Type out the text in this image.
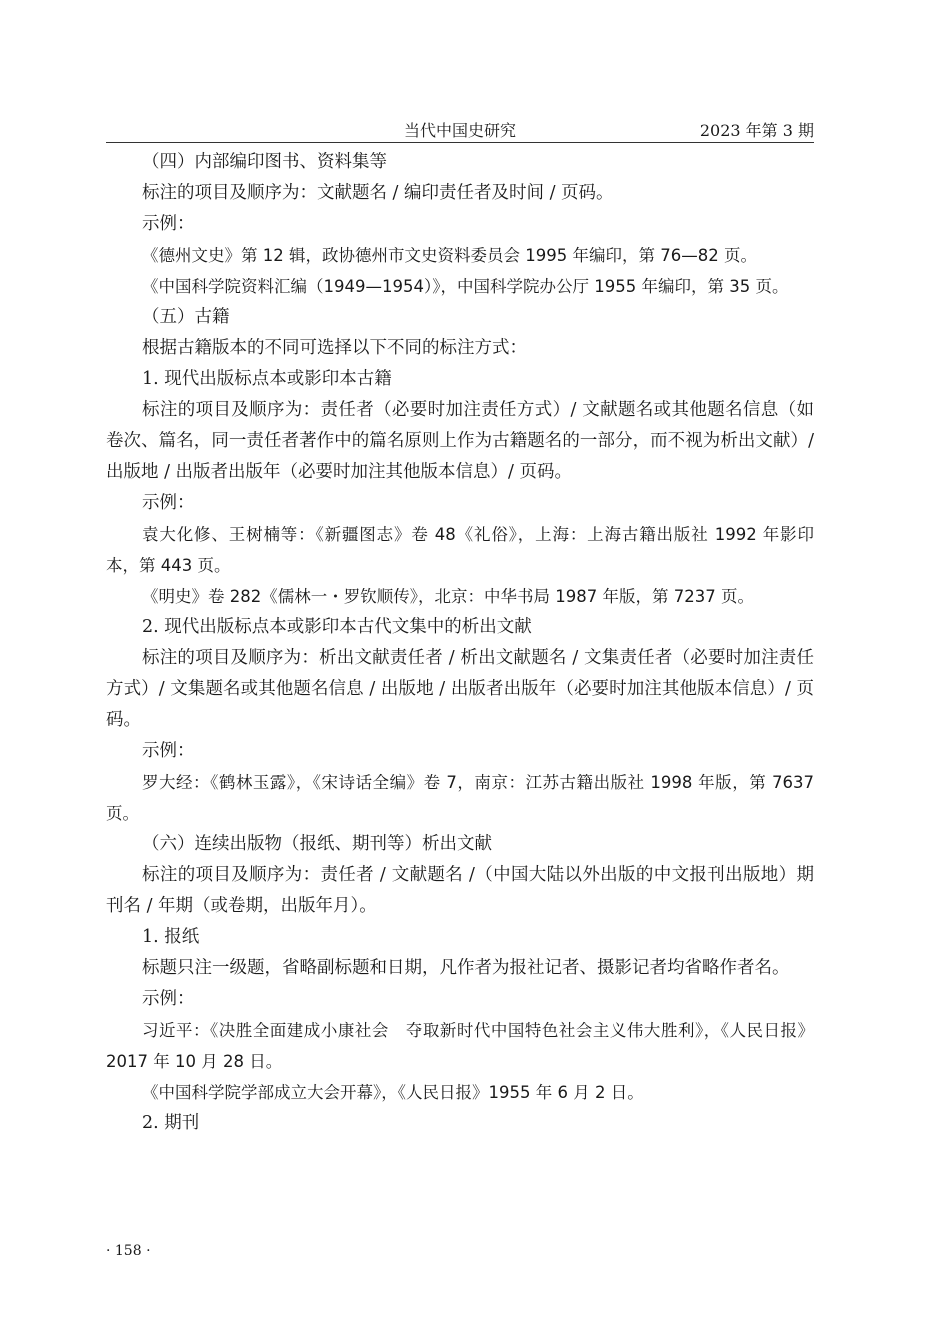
当代中国史研究	2023 年第 3 期

（四）内部编印图书、资料集等

标注的项目及顺序为：文献题名 / 编印责任者及时间 / 页码。

示例：

《德州文史》第 12 辑，政协德州市文史资料委员会 1995 年编印，第 76—82 页。

《中国科学院资料汇编（1949—1954）》，中国科学院办公厅 1955 年编印，第 35 页。

（五）古籍

根据古籍版本的不同可选择以下不同的标注方式：

1. 现代出版标点本或影印本古籍

标注的项目及顺序为：责任者（必要时加注责任方式）/ 文献题名或其他题名信息（如卷次、篇名，同一责任者著作中的篇名原则上作为古籍题名的一部分，而不视为析出文献）/ 出版地 / 出版者出版年（必要时加注其他版本信息）/ 页码。

示例：

袁大化修、王树楠等：《新疆图志》卷 48《礼俗》，上海：上海古籍出版社 1992 年影印本，第 443 页。

《明史》卷 282《儒林一・罗钦顺传》，北京：中华书局 1987 年版，第 7237 页。

2. 现代出版标点本或影印本古代文集中的析出文献

标注的项目及顺序为：析出文献责任者 / 析出文献题名 / 文集责任者（必要时加注责任方式）/ 文集题名或其他题名信息 / 出版地 / 出版者出版年（必要时加注其他版本信息）/ 页码。

示例：

罗大经：《鹤林玉露》，《宋诗话全编》卷 7，南京：江苏古籍出版社 1998 年版，第 7637 页。

（六）连续出版物（报纸、期刊等）析出文献

标注的项目及顺序为：责任者 / 文献题名 /（中国大陆以外出版的中文报刊出版地）期刊名 / 年期（或卷期，出版年月）。

1. 报纸

标题只注一级题，省略副标题和日期，凡作者为报社记者、摄影记者均省略作者名。

示例：

习近平：《决胜全面建成小康社会　夺取新时代中国特色社会主义伟大胜利》，《人民日报》2017 年 10 月 28 日。

《中国科学院学部成立大会开幕》，《人民日报》1955 年 6 月 2 日。

2. 期刊

· 158 ·
